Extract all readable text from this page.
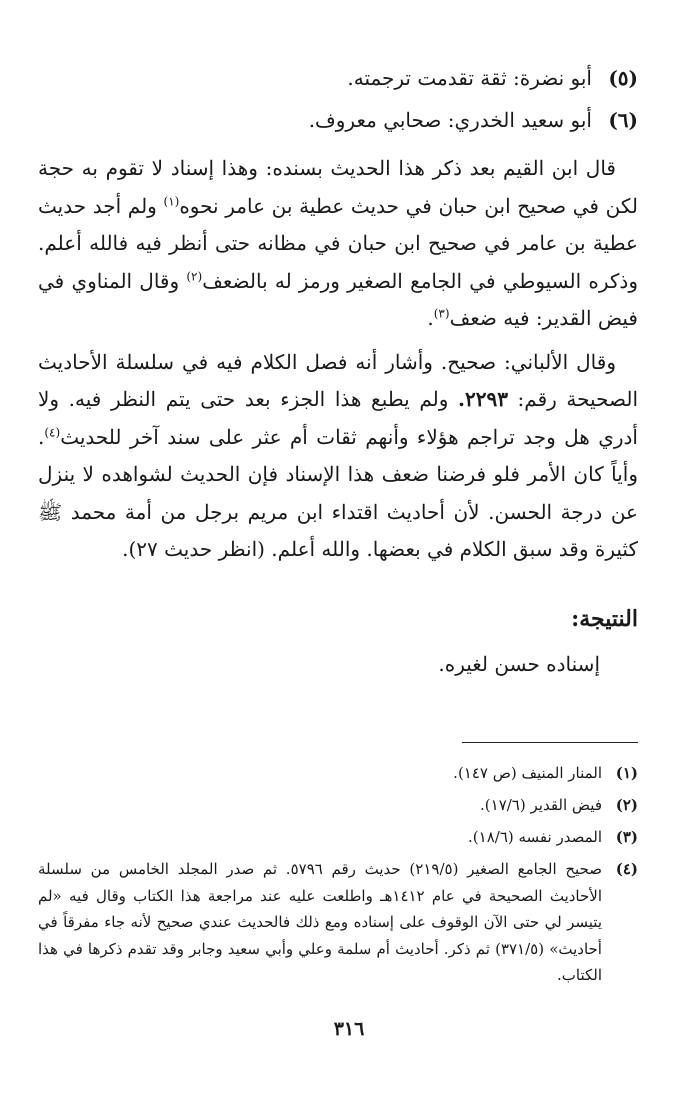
(٥)
أبو نضرة: ثقة تقدمت ترجمته.
(٦)
أبو سعيد الخدري: صحابي معروف.

قال ابن القيم بعد ذكر هذا الحديث بسنده: وهذا إسناد لا تقوم به حجة لكن في صحيح ابن حبان في حديث عطية بن عامر نحوه$^{(١)}$ ولم أجد حديث عطية بن عامر في صحيح ابن حبان في مظانه حتى أنظر فيه فالله أعلم. وذكره السيوطي في الجامع الصغير ورمز له بالضعف$^{(٢)}$ وقال المناوي في فيض القدير: فيه ضعف$^{(٣)}$.

وقال الألباني: صحيح. وأشار أنه فصل الكلام فيه في سلسلة الأحاديث الصحيحة رقم: ٢٢٩٣. ولم يطبع هذا الجزء بعد حتى يتم النظر فيه. ولا أدري هل وجد تراجم هؤلاء وأنهم ثقات أم عثر على سند آخر للحديث$^{(٤)}$. وأياً كان الأمر فلو فرضنا ضعف هذا الإسناد فإن الحديث لشواهده لا ينزل عن درجة الحسن. لأن أحاديث اقتداء ابن مريم برجل من أمة محمد ﷺ كثيرة وقد سبق الكلام في بعضها. والله أعلم. (انظر حديث ٢٧).

النتيجة:
إسناده حسن لغيره.
(١)
المنار المنيف (ص ١٤٧).
(٢)
فيض القدير (١٧/٦).
(٣)
المصدر نفسه (١٨/٦).
(٤)
صحيح الجامع الصغير (٢١٩/٥) حديث رقم ٥٧٩٦. ثم صدر المجلد الخامس من سلسلة الأحاديث الصحيحة في عام ١٤١٢هـ واطلعت عليه عند مراجعة هذا الكتاب وقال فيه «لم يتيسر لي حتى الآن الوقوف على إسناده ومع ذلك فالحديث عندي صحيح لأنه جاء مفرقاً في أحاديث» (٣٧١/٥) ثم ذكر. أحاديث أم سلمة وعلي وأبي سعيد وجابر وقد تقدم ذكرها في هذا الكتاب.
٣١٦
